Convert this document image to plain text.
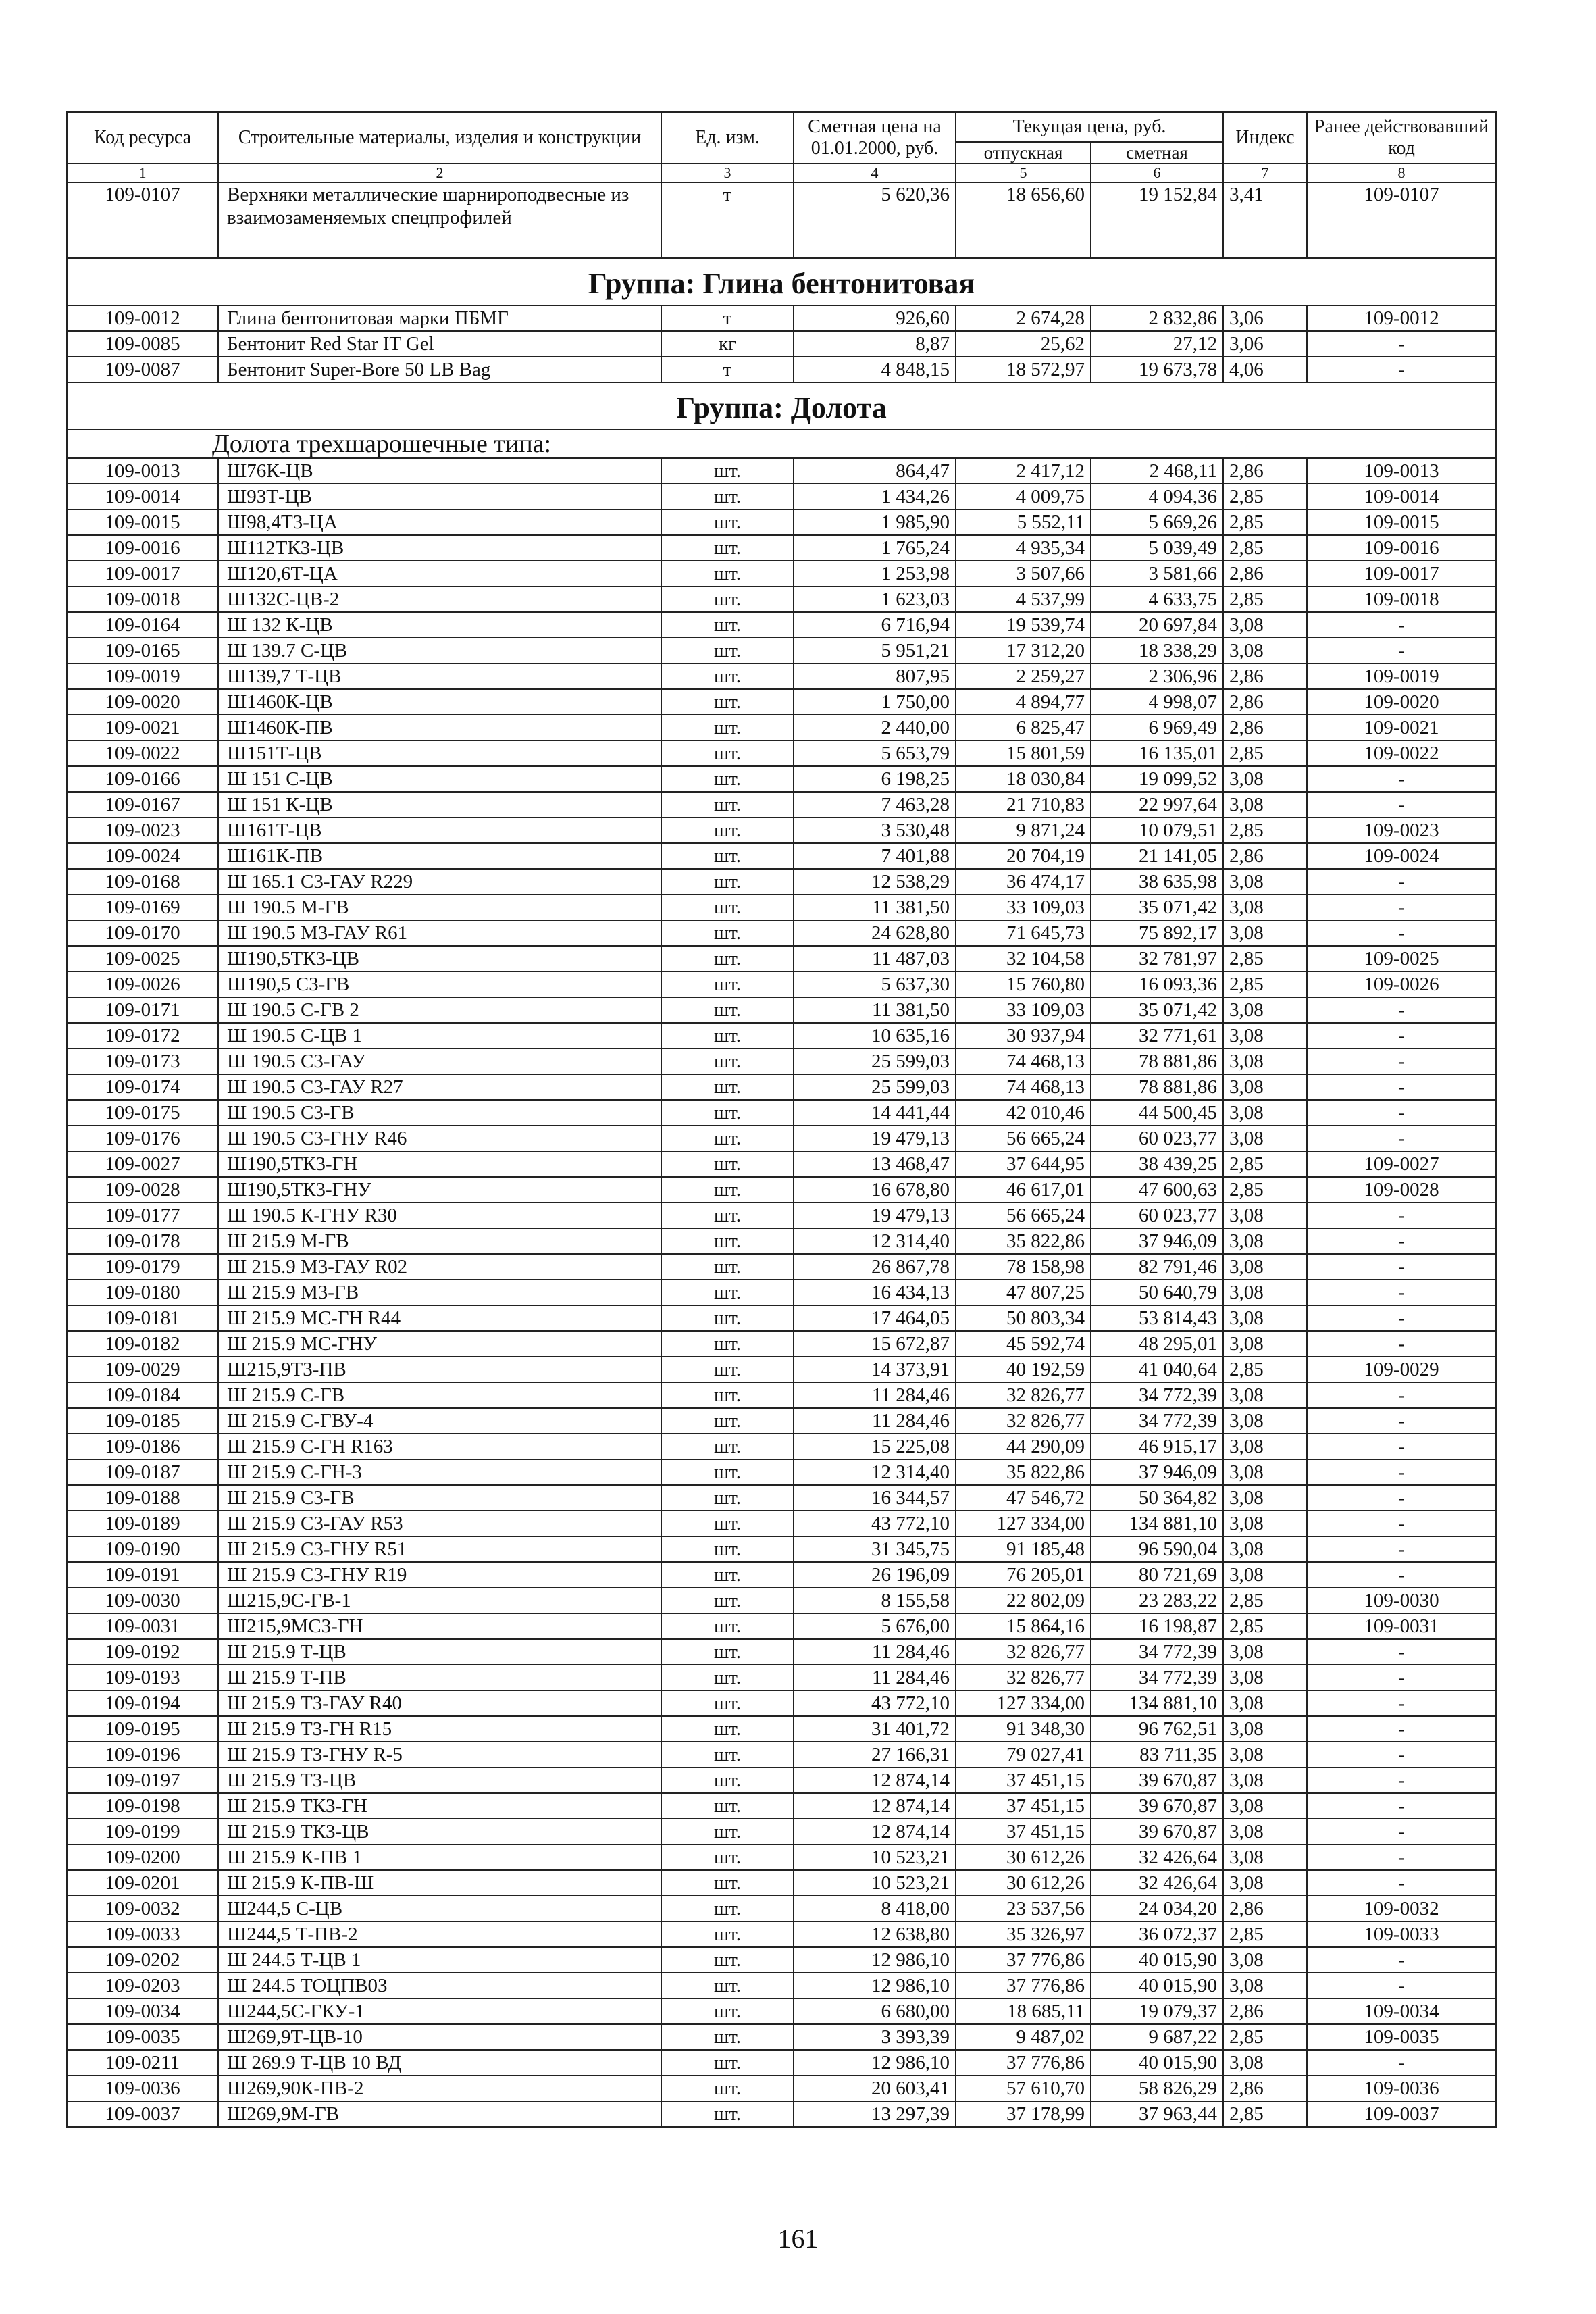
Код ресурса	Строительные материалы, изделия и конструкции	Ед. изм.	Сметная цена на 01.01.2000, руб.	Текущая цена, руб.		Индекс	Ранее действовавший код
				отпускная	сметная		
1	2	3	4	5	6	7	8
109-0107	Верхняки металлические шарнироподвесные из взаимозаменяемых спецпрофилей	т	5 620,36	18 656,60	19 152,84	3,41	109-0107
Группа: Глина бентонитовая							
109-0012	Глина бентонитовая марки ПБМГ	т	926,60	2 674,28	2 832,86	3,06	109-0012
109-0085	Бентонит Red Star IT Gel	кг	8,87	25,62	27,12	3,06	-
109-0087	Бентонит Super-Bore 50 LB Bag	т	4 848,15	18 572,97	19 673,78	4,06	-
Группа: Долота							
Долота трехшарошечные типа:							
109-0013	Ш76К-ЦВ	шт.	864,47	2 417,12	2 468,11	2,86	109-0013
109-0014	Ш93Т-ЦВ	шт.	1 434,26	4 009,75	4 094,36	2,85	109-0014
109-0015	Ш98,4Т3-ЦА	шт.	1 985,90	5 552,11	5 669,26	2,85	109-0015
109-0016	Ш112ТК3-ЦВ	шт.	1 765,24	4 935,34	5 039,49	2,85	109-0016
109-0017	Ш120,6Т-ЦА	шт.	1 253,98	3 507,66	3 581,66	2,86	109-0017
109-0018	Ш132С-ЦВ-2	шт.	1 623,03	4 537,99	4 633,75	2,85	109-0018
109-0164	Ш 132 К-ЦВ	шт.	6 716,94	19 539,74	20 697,84	3,08	-
109-0165	Ш 139.7 С-ЦВ	шт.	5 951,21	17 312,20	18 338,29	3,08	-
109-0019	Ш139,7 Т-ЦВ	шт.	807,95	2 259,27	2 306,96	2,86	109-0019
109-0020	Ш1460К-ЦВ	шт.	1 750,00	4 894,77	4 998,07	2,86	109-0020
109-0021	Ш1460К-ПВ	шт.	2 440,00	6 825,47	6 969,49	2,86	109-0021
109-0022	Ш151Т-ЦВ	шт.	5 653,79	15 801,59	16 135,01	2,85	109-0022
109-0166	Ш 151 С-ЦВ	шт.	6 198,25	18 030,84	19 099,52	3,08	-
109-0167	Ш 151 К-ЦВ	шт.	7 463,28	21 710,83	22 997,64	3,08	-
109-0023	Ш161Т-ЦВ	шт.	3 530,48	9 871,24	10 079,51	2,85	109-0023
109-0024	Ш161К-ПВ	шт.	7 401,88	20 704,19	21 141,05	2,86	109-0024
109-0168	Ш 165.1 С3-ГАУ R229	шт.	12 538,29	36 474,17	38 635,98	3,08	-
109-0169	Ш 190.5 М-ГВ	шт.	11 381,50	33 109,03	35 071,42	3,08	-
109-0170	Ш 190.5 М3-ГАУ R61	шт.	24 628,80	71 645,73	75 892,17	3,08	-
109-0025	Ш190,5ТК3-ЦВ	шт.	11 487,03	32 104,58	32 781,97	2,85	109-0025
109-0026	Ш190,5 С3-ГВ	шт.	5 637,30	15 760,80	16 093,36	2,85	109-0026
109-0171	Ш 190.5 С-ГВ 2	шт.	11 381,50	33 109,03	35 071,42	3,08	-
109-0172	Ш 190.5 С-ЦВ 1	шт.	10 635,16	30 937,94	32 771,61	3,08	-
109-0173	Ш 190.5 С3-ГАУ	шт.	25 599,03	74 468,13	78 881,86	3,08	-
109-0174	Ш 190.5 С3-ГАУ R27	шт.	25 599,03	74 468,13	78 881,86	3,08	-
109-0175	Ш 190.5 С3-ГВ	шт.	14 441,44	42 010,46	44 500,45	3,08	-
109-0176	Ш 190.5 С3-ГНУ R46	шт.	19 479,13	56 665,24	60 023,77	3,08	-
109-0027	Ш190,5ТК3-ГН	шт.	13 468,47	37 644,95	38 439,25	2,85	109-0027
109-0028	Ш190,5ТК3-ГНУ	шт.	16 678,80	46 617,01	47 600,63	2,85	109-0028
109-0177	Ш 190.5 К-ГНУ R30	шт.	19 479,13	56 665,24	60 023,77	3,08	-
109-0178	Ш 215.9 М-ГВ	шт.	12 314,40	35 822,86	37 946,09	3,08	-
109-0179	Ш 215.9 М3-ГАУ R02	шт.	26 867,78	78 158,98	82 791,46	3,08	-
109-0180	Ш 215.9 М3-ГВ	шт.	16 434,13	47 807,25	50 640,79	3,08	-
109-0181	Ш 215.9 МС-ГН R44	шт.	17 464,05	50 803,34	53 814,43	3,08	-
109-0182	Ш 215.9 МС-ГНУ	шт.	15 672,87	45 592,74	48 295,01	3,08	-
109-0029	Ш215,9Т3-ПВ	шт.	14 373,91	40 192,59	41 040,64	2,85	109-0029
109-0184	Ш 215.9 С-ГВ	шт.	11 284,46	32 826,77	34 772,39	3,08	-
109-0185	Ш 215.9 С-ГВУ-4	шт.	11 284,46	32 826,77	34 772,39	3,08	-
109-0186	Ш 215.9 С-ГН R163	шт.	15 225,08	44 290,09	46 915,17	3,08	-
109-0187	Ш 215.9 С-ГН-3	шт.	12 314,40	35 822,86	37 946,09	3,08	-
109-0188	Ш 215.9 С3-ГВ	шт.	16 344,57	47 546,72	50 364,82	3,08	-
109-0189	Ш 215.9 С3-ГАУ R53	шт.	43 772,10	127 334,00	134 881,10	3,08	-
109-0190	Ш 215.9 С3-ГНУ R51	шт.	31 345,75	91 185,48	96 590,04	3,08	-
109-0191	Ш 215.9 С3-ГНУ R19	шт.	26 196,09	76 205,01	80 721,69	3,08	-
109-0030	Ш215,9С-ГВ-1	шт.	8 155,58	22 802,09	23 283,22	2,85	109-0030
109-0031	Ш215,9МС3-ГН	шт.	5 676,00	15 864,16	16 198,87	2,85	109-0031
109-0192	Ш 215.9 Т-ЦВ	шт.	11 284,46	32 826,77	34 772,39	3,08	-
109-0193	Ш 215.9 Т-ПВ	шт.	11 284,46	32 826,77	34 772,39	3,08	-
109-0194	Ш 215.9 Т3-ГАУ R40	шт.	43 772,10	127 334,00	134 881,10	3,08	-
109-0195	Ш 215.9 Т3-ГН R15	шт.	31 401,72	91 348,30	96 762,51	3,08	-
109-0196	Ш 215.9 Т3-ГНУ R-5	шт.	27 166,31	79 027,41	83 711,35	3,08	-
109-0197	Ш 215.9 Т3-ЦВ	шт.	12 874,14	37 451,15	39 670,87	3,08	-
109-0198	Ш 215.9 ТК3-ГН	шт.	12 874,14	37 451,15	39 670,87	3,08	-
109-0199	Ш 215.9 ТК3-ЦВ	шт.	12 874,14	37 451,15	39 670,87	3,08	-
109-0200	Ш 215.9 К-ПВ 1	шт.	10 523,21	30 612,26	32 426,64	3,08	-
109-0201	Ш 215.9 К-ПВ-Ш	шт.	10 523,21	30 612,26	32 426,64	3,08	-
109-0032	Ш244,5 С-ЦВ	шт.	8 418,00	23 537,56	24 034,20	2,86	109-0032
109-0033	Ш244,5 Т-ПВ-2	шт.	12 638,80	35 326,97	36 072,37	2,85	109-0033
109-0202	Ш 244.5 Т-ЦВ 1	шт.	12 986,10	37 776,86	40 015,90	3,08	-
109-0203	Ш 244.5 ТОЦПВ03	шт.	12 986,10	37 776,86	40 015,90	3,08	-
109-0034	Ш244,5С-ГКУ-1	шт.	6 680,00	18 685,11	19 079,37	2,86	109-0034
109-0035	Ш269,9Т-ЦВ-10	шт.	3 393,39	9 487,02	9 687,22	2,85	109-0035
109-0211	Ш 269.9 Т-ЦВ 10 ВД	шт.	12 986,10	37 776,86	40 015,90	3,08	-
109-0036	Ш269,90К-ПВ-2	шт.	20 603,41	57 610,70	58 826,29	2,86	109-0036
109-0037	Ш269,9М-ГВ	шт.	13 297,39	37 178,99	37 963,44	2,85	109-0037
161
